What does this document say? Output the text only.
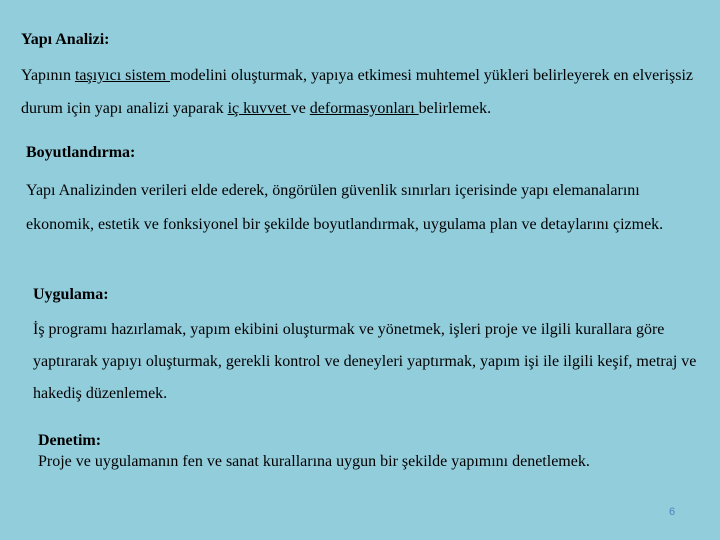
Yapı Analizi:
Yapının taşıyıcı sistem modelini oluşturmak, yapıya etkimesi muhtemel yükleri belirleyerek en elverişsiz durum için yapı analizi yaparak iç kuvvet ve deformasyonları belirlemek.
Boyutlandırma:
Yapı Analizinden verileri elde ederek, öngörülen güvenlik sınırları içerisinde yapı elemanalarını ekonomik, estetik ve fonksiyonel bir şekilde boyutlandırmak, uygulama plan ve detaylarını çizmek.
Uygulama:
İş programı hazırlamak, yapım ekibini oluşturmak ve yönetmek, işleri proje ve ilgili kurallara göre yaptırarak yapıyı oluşturmak, gerekli kontrol ve deneyleri yaptırmak, yapım işi ile ilgili keşif, metraj ve hakediş düzenlemek.
Denetim:
Proje ve uygulamanın fen ve sanat kurallarına uygun bir şekilde yapımını denetlemek.
6
